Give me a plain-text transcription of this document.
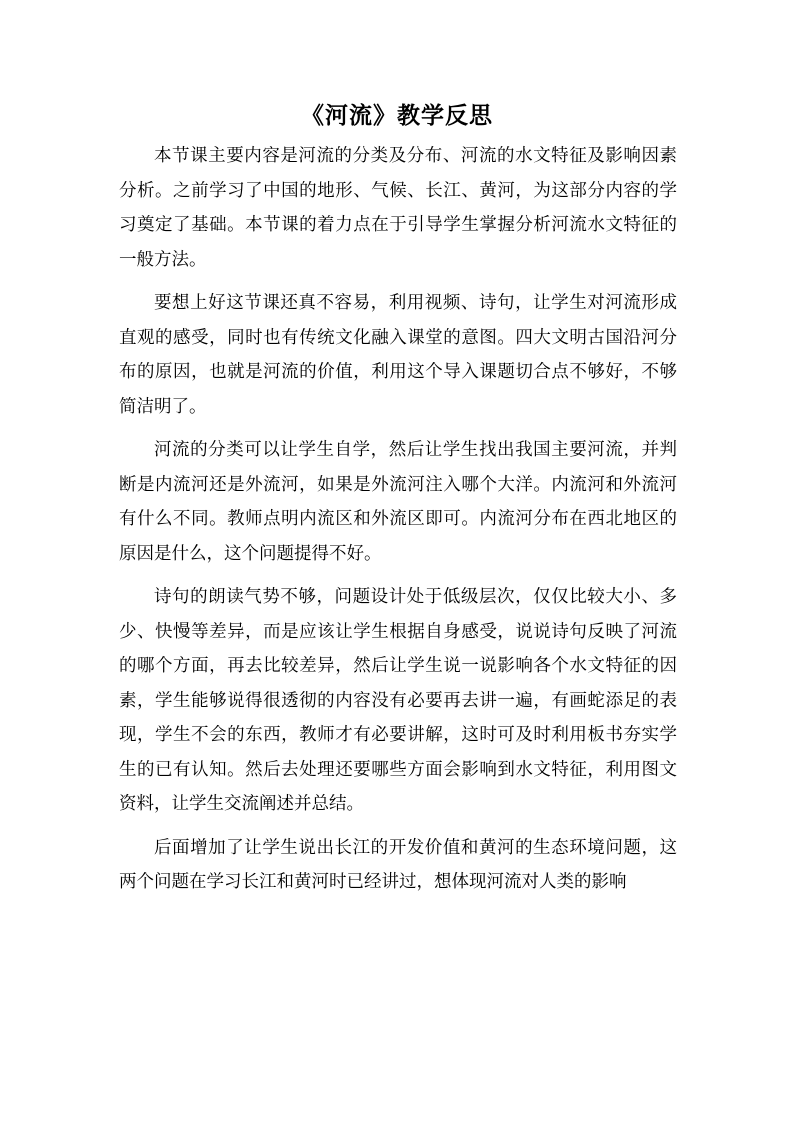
《河流》教学反思

本节课主要内容是河流的分类及分布、河流的水文特征及影响因素分析。之前学习了中国的地形、气候、长江、黄河，为这部分内容的学习奠定了基础。本节课的着力点在于引导学生掌握分析河流水文特征的一般方法。

要想上好这节课还真不容易，利用视频、诗句，让学生对河流形成直观的感受，同时也有传统文化融入课堂的意图。四大文明古国沿河分布的原因，也就是河流的价值，利用这个导入课题切合点不够好，不够简洁明了。

河流的分类可以让学生自学，然后让学生找出我国主要河流，并判断是内流河还是外流河，如果是外流河注入哪个大洋。内流河和外流河有什么不同。教师点明内流区和外流区即可。内流河分布在西北地区的原因是什么，这个问题提得不好。

诗句的朗读气势不够，问题设计处于低级层次，仅仅比较大小、多少、快慢等差异，而是应该让学生根据自身感受，说说诗句反映了河流的哪个方面，再去比较差异，然后让学生说一说影响各个水文特征的因素，学生能够说得很透彻的内容没有必要再去讲一遍，有画蛇添足的表现，学生不会的东西，教师才有必要讲解，这时可及时利用板书夯实学生的已有认知。然后去处理还要哪些方面会影响到水文特征，利用图文资料，让学生交流阐述并总结。

后面增加了让学生说出长江的开发价值和黄河的生态环境问题，这两个问题在学习长江和黄河时已经讲过，想体现河流对人类的影响
